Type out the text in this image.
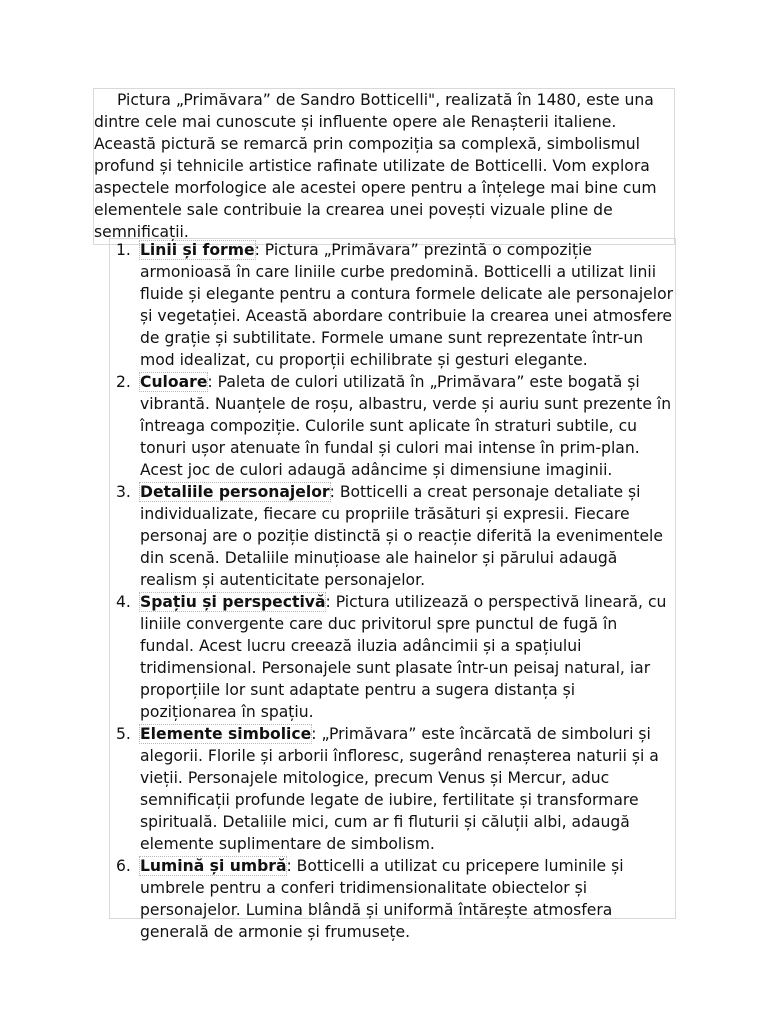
Pictura „Primăvara” de Sandro Botticelli", realizată în 1480, este una dintre cele mai cunoscute și influente opere ale Renașterii italiene. Această pictură se remarcă prin compoziția sa complexă, simbolismul profund și tehnicile artistice rafinate utilizate de Botticelli. Vom explora aspectele morfologice ale acestei opere pentru a înțelege mai bine cum elementele sale contribuie la crearea unei povești vizuale pline de semnificații.

1. Linii și forme: Pictura „Primăvara” prezintă o compoziție armonioasă în care liniile curbe predomină. Botticelli a utilizat linii fluide și elegante pentru a contura formele delicate ale personajelor și vegetației. Această abordare contribuie la crearea unei atmosfere de grație și subtilitate. Formele umane sunt reprezentate într-un mod idealizat, cu proporții echilibrate și gesturi elegante.
2. Culoare: Paleta de culori utilizată în „Primăvara” este bogată și vibrantă. Nuanțele de roșu, albastru, verde și auriu sunt prezente în întreaga compoziție. Culorile sunt aplicate în straturi subtile, cu tonuri ușor atenuate în fundal și culori mai intense în prim-plan. Acest joc de culori adaugă adâncime și dimensiune imaginii.
3. Detaliile personajelor: Botticelli a creat personaje detaliate și individualizate, fiecare cu propriile trăsături și expresii. Fiecare personaj are o poziție distinctă și o reacție diferită la evenimentele din scenă. Detaliile minuțioase ale hainelor și părului adaugă realism și autenticitate personajelor.
4. Spațiu și perspectivă: Pictura utilizează o perspectivă lineară, cu liniile convergente care duc privitorul spre punctul de fugă în fundal. Acest lucru creează iluzia adâncimii și a spațiului tridimensional. Personajele sunt plasate într-un peisaj natural, iar proporțiile lor sunt adaptate pentru a sugera distanța și poziționarea în spațiu.
5. Elemente simbolice: „Primăvara” este încărcată de simboluri și alegorii. Florile și arborii înfloresc, sugerând renașterea naturii și a vieții. Personajele mitologice, precum Venus și Mercur, aduc semnificații profunde legate de iubire, fertilitate și transformare spirituală. Detaliile mici, cum ar fi fluturii și căluții albi, adaugă elemente suplimentare de simbolism.
6. Lumină și umbră: Botticelli a utilizat cu pricepere luminile și umbrele pentru a conferi tridimensionalitate obiectelor și personajelor. Lumina blândă și uniformă întărește atmosfera generală de armonie și frumusețe.
